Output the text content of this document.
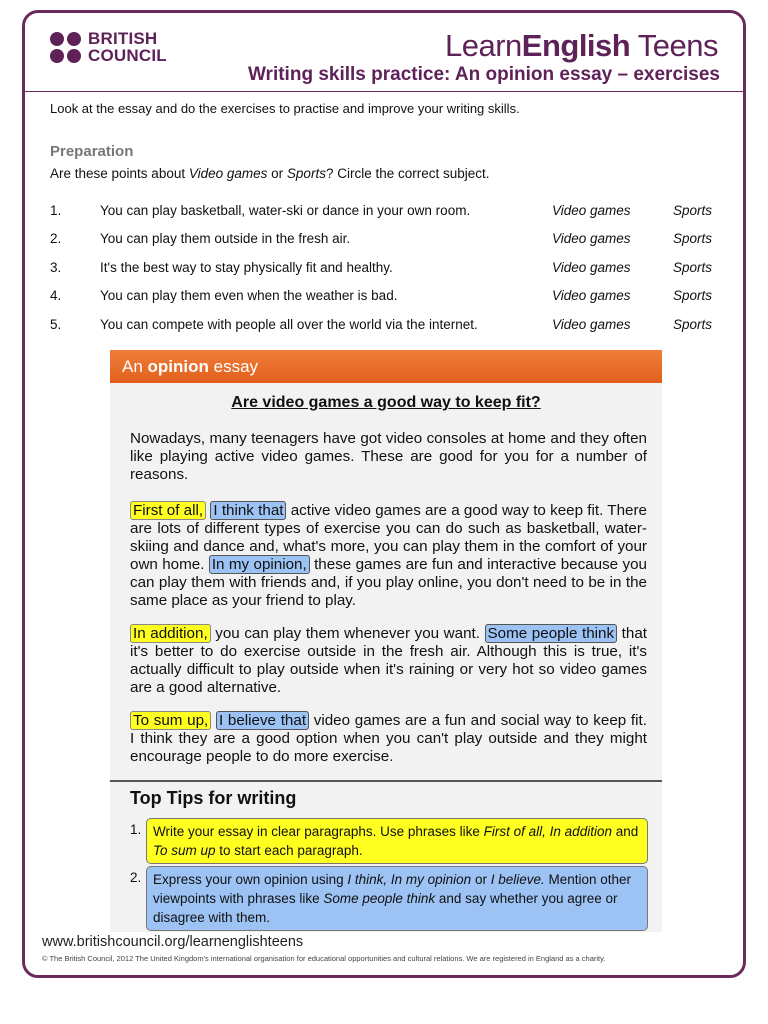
BRITISH
COUNCIL	LearnEnglish Teens
Writing skills practice: An opinion essay – exercises
Look at the essay and do the exercises to practise and improve your writing skills.
Preparation
Are these points about Video games or Sports? Circle the correct subject.
1.	You can play basketball, water-ski or dance in your own room.	Video games	Sports
2.	You can play them outside in the fresh air.	Video games	Sports
3.	It's the best way to stay physically fit and healthy.	Video games	Sports
4.	You can play them even when the weather is bad.	Video games	Sports
5.	You can compete with people all over the world via the internet.	Video games	Sports
An opinion essay
Are video games a good way to keep fit?

Nowadays, many teenagers have got video consoles at home and they often like playing active video games. These are good for you for a number of reasons.

First of all, I think that active video games are a good way to keep fit. There are lots of different types of exercise you can do such as basketball, water-skiing and dance and, what's more, you can play them in the comfort of your own home. In my opinion, these games are fun and interactive because you can play them with friends and, if you play online, you don't need to be in the same place as your friend to play.

In addition, you can play them whenever you want. Some people think that it's better to do exercise outside in the fresh air. Although this is true, it's actually difficult to play outside when it's raining or very hot so video games are a good alternative.

To sum up, I believe that video games are a fun and social way to keep fit. I think they are a good option when you can't play outside and they might encourage people to do more exercise.

Top Tips for writing
1. Write your essay in clear paragraphs. Use phrases like First of all, In addition and To sum up to start each paragraph.
2. Express your own opinion using I think, In my opinion or I believe. Mention other viewpoints with phrases like Some people think and say whether you agree or disagree with them.
www.britishcouncil.org/learnenglishteens
© The British Council, 2012 The United Kingdom's international organisation for educational opportunities and cultural relations. We are registered in England as a charity.
